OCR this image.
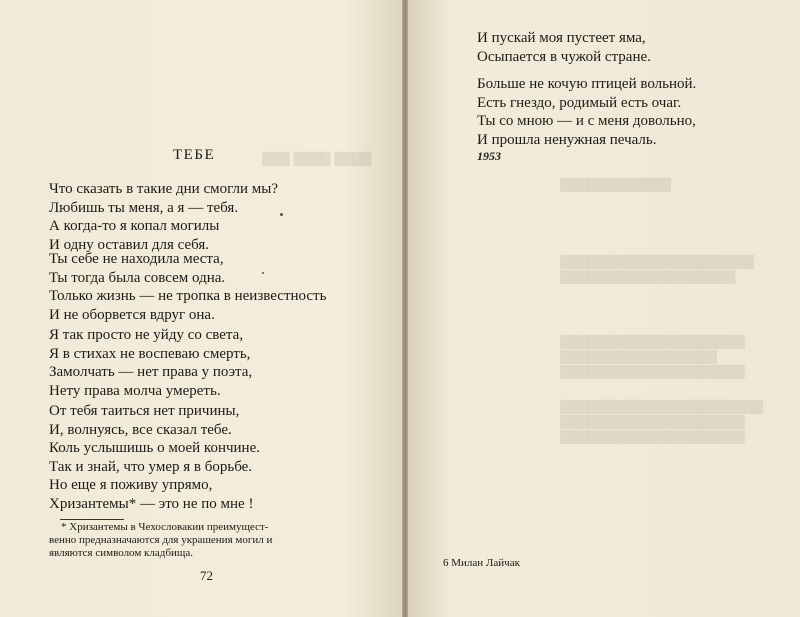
ТЕБЕ
Что сказать в такие дни смогли мы?
Любишь ты меня, а я — тебя.
А когда-то я копал могилы
И одну оставил для себя.
Ты себе не находила места,
Ты тогда была совсем одна.
Только жизнь — не тропка в неизвестность
И не оборвется вдруг она.
Я так просто не уйду со света,
Я в стихах не воспеваю смерть,
Замолчать — нет права у поэта,
Нету права молча умереть.
От тебя таиться нет причины,
И, волнуясь, все сказал тебе.
Коль услышишь о моей кончине.
Так и знай, что умер я в борьбе.
Но еще я поживу упрямо,
Хризантемы* — это не по мне !
* Хризантемы в Чехословакии преимущест-
венно предназначаются для украшения могил и
являются символом кладбища.
72
И пускай моя пустеет яма,
Осыпается в чужой стране.
Больше не кочую птицей вольной.
Есть гнездо, родимый есть очаг.
Ты со мною — и с меня довольно,
И прошла ненужная печаль.
1953
6 Милан Лайчак
